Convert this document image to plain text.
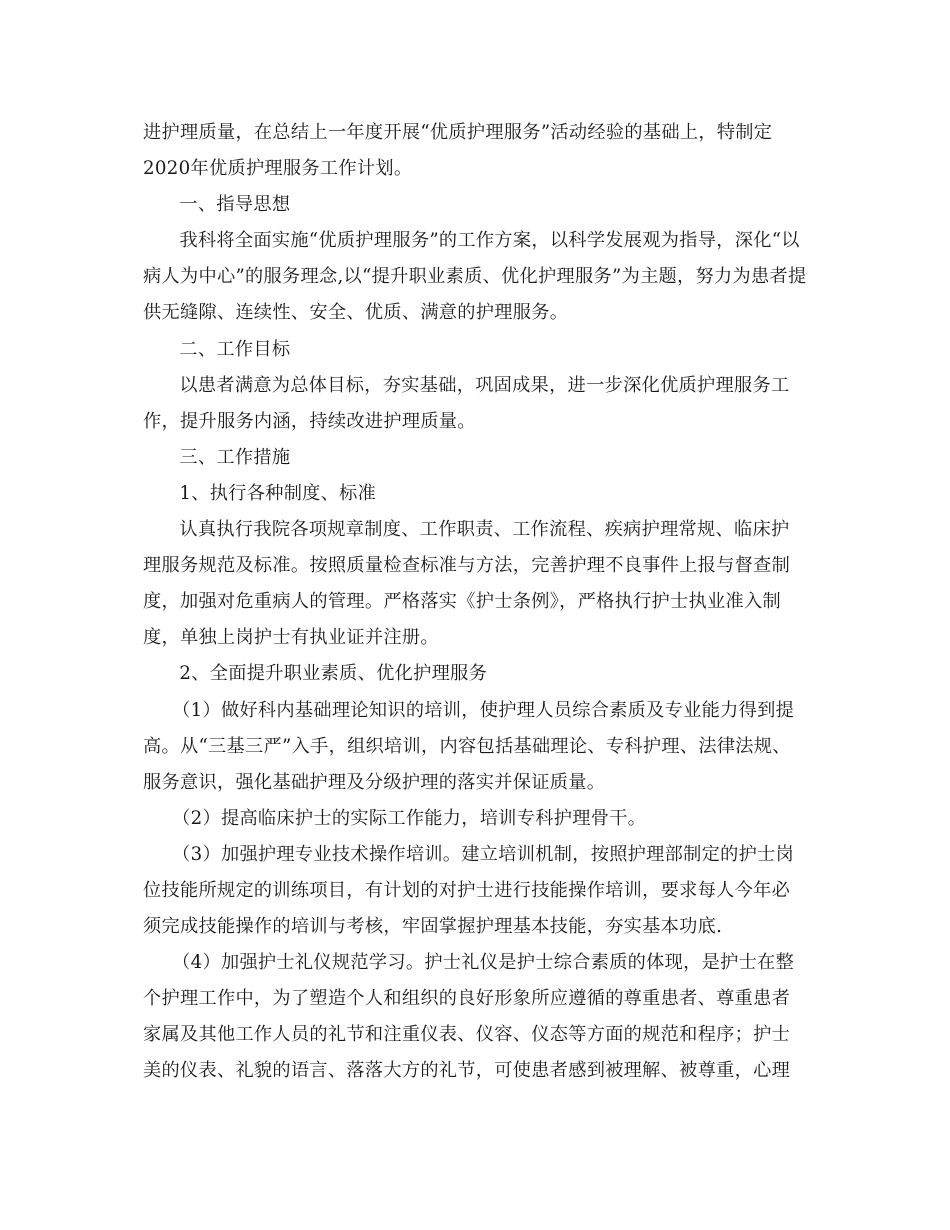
进护理质量，在总结上一年度开展“优质护理服务”活动经验的基础上，特制定2020年优质护理服务工作计划。

一、指导思想

我科将全面实施“优质护理服务”的工作方案，以科学发展观为指导，深化“以病人为中心”的服务理念,以“提升职业素质、优化护理服务”为主题，努力为患者提供无缝隙、连续性、安全、优质、满意的护理服务。

二、工作目标

以患者满意为总体目标，夯实基础，巩固成果，进一步深化优质护理服务工作，提升服务内涵，持续改进护理质量。

三、工作措施

1、执行各种制度、标准

认真执行我院各项规章制度、工作职责、工作流程、疾病护理常规、临床护理服务规范及标准。按照质量检查标准与方法，完善护理不良事件上报与督查制度，加强对危重病人的管理。严格落实《护士条例》，严格执行护士执业准入制度，单独上岗护士有执业证并注册。

2、全面提升职业素质、优化护理服务

（1）做好科内基础理论知识的培训，使护理人员综合素质及专业能力得到提高。从“三基三严”入手，组织培训，内容包括基础理论、专科护理、法律法规、服务意识，强化基础护理及分级护理的落实并保证质量。

（2）提高临床护士的实际工作能力，培训专科护理骨干。

（3）加强护理专业技术操作培训。建立培训机制，按照护理部制定的护士岗位技能所规定的训练项目，有计划的对护士进行技能操作培训，要求每人今年必须完成技能操作的培训与考核，牢固掌握护理基本技能，夯实基本功底.

（4）加强护士礼仪规范学习。护士礼仪是护士综合素质的体现，是护士在整个护理工作中，为了塑造个人和组织的良好形象所应遵循的尊重患者、尊重患者家属及其他工作人员的礼节和注重仪表、仪容、仪态等方面的规范和程序；护士美的仪表、礼貌的语言、落落大方的礼节，可使患者感到被理解、被尊重，心理
